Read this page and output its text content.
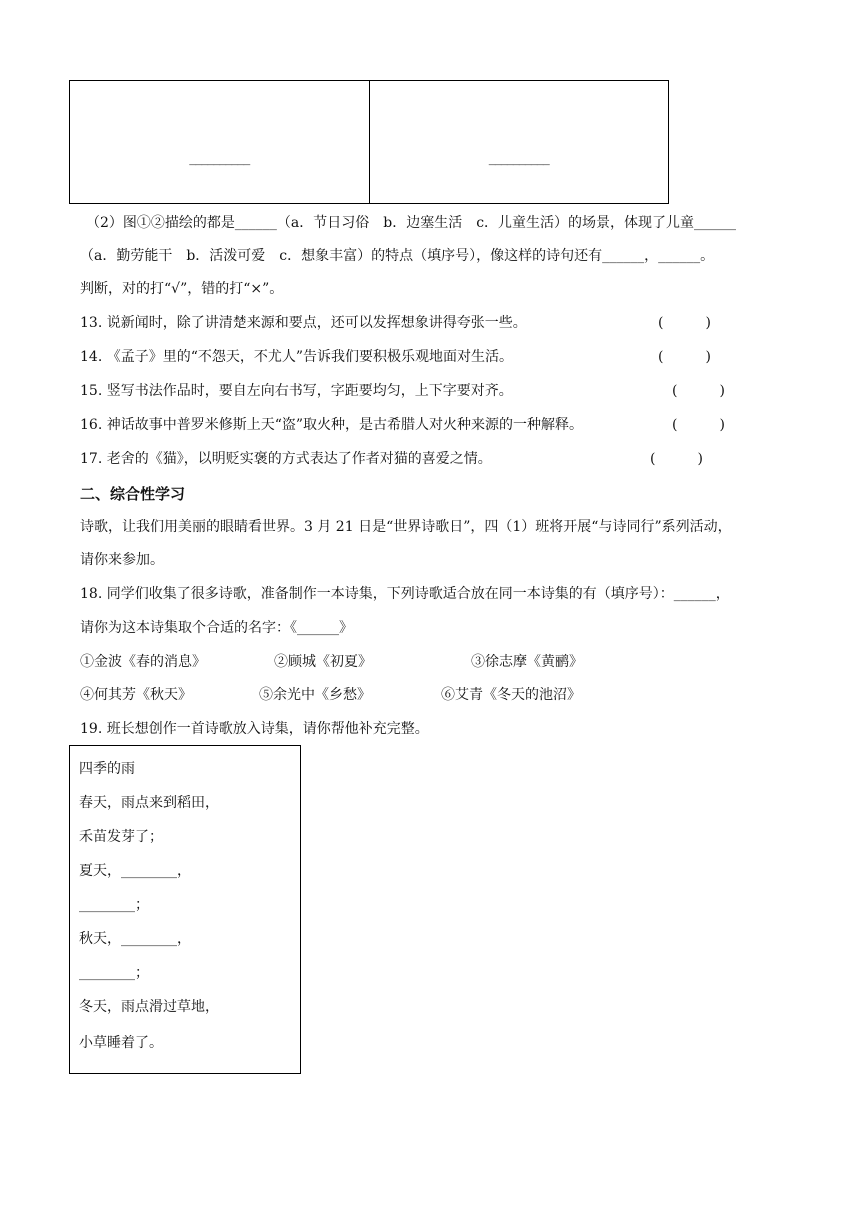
__________	__________
（2）图①②描绘的都是______（a．节日习俗　b．边塞生活　c．儿童生活）的场景，体现了儿童______
（a．勤劳能干　b．活泼可爱　c．想象丰富）的特点（填序号），像这样的诗句还有______，______。
判断，对的打“√”，错的打“×”。
13. 说新闻时，除了讲清楚来源和要点，还可以发挥想象讲得夸张一些。	(　　　)
14. 《孟子》里的“不怨天，不尤人”告诉我们要积极乐观地面对生活。	(　　　)
15. 竖写书法作品时，要自左向右书写，字距要均匀，上下字要对齐。	(　　　)
16. 神话故事中普罗米修斯上天“盗”取火种，是古希腊人对火种来源的一种解释。	(　　　)
17. 老舍的《猫》，以明贬实褒的方式表达了作者对猫的喜爱之情。	(　　　)
二、综合性学习
诗歌，让我们用美丽的眼睛看世界。3 月 21 日是“世界诗歌日”，四（1）班将开展“与诗同行”系列活动，
请你来参加。
18. 同学们收集了很多诗歌，准备制作一本诗集，下列诗歌适合放在同一本诗集的有（填序号）：______，
请你为这本诗集取个合适的名字：《______》
①金波《春的消息》	②顾城《初夏》	③徐志摩《黄鹂》
④何其芳《秋天》	⑤余光中《乡愁》	⑥艾青《冬天的池沼》
19. 班长想创作一首诗歌放入诗集，请你帮他补充完整。
四季的雨
春天，雨点来到稻田，
禾苗发芽了；
夏天，________，
________；
秋天，________，
________；
冬天，雨点滑过草地，
小草睡着了。
